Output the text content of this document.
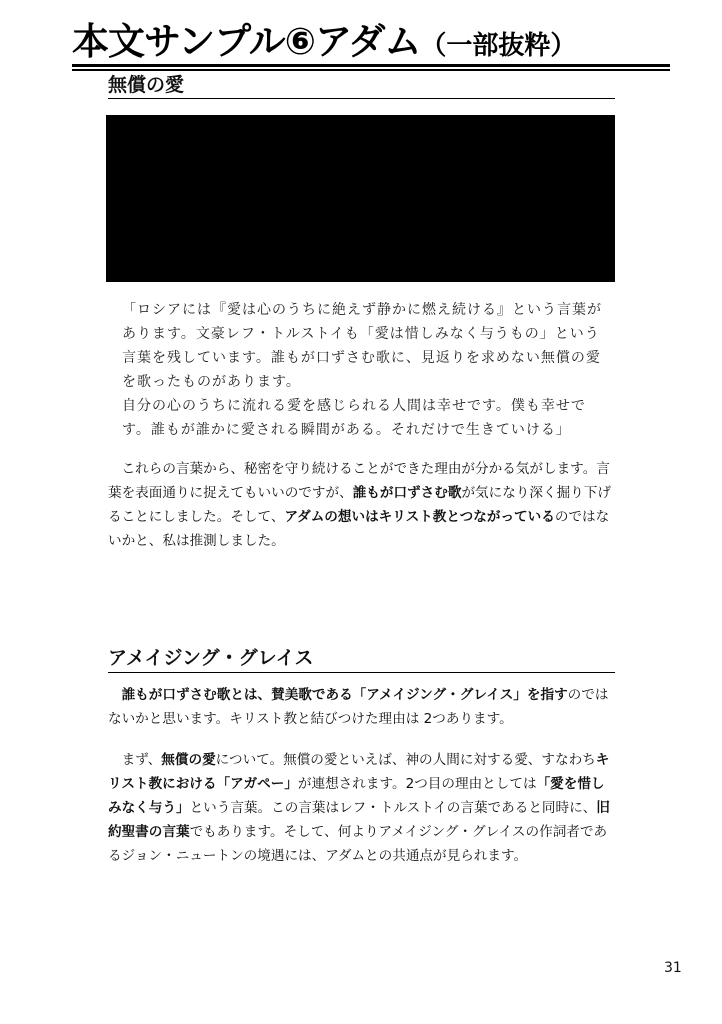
本文サンプル⑥アダム（一部抜粋）
無償の愛

「ロシアには『愛は心のうちに絶えず静かに燃え続ける』という言葉があります。文豪レフ・トルストイも「愛は惜しみなく与うもの」という言葉を残しています。誰もが口ずさむ歌に、見返りを求めない無償の愛を歌ったものがあります。
自分の心のうちに流れる愛を感じられる人間は幸せです。僕も幸せです。誰もが誰かに愛される瞬間がある。それだけで生きていける」

これらの言葉から、秘密を守り続けることができた理由が分かる気がします。言葉を表面通りに捉えてもいいのですが、誰もが口ずさむ歌が気になり深く掘り下げることにしました。そして、アダムの想いはキリスト教とつながっているのではないかと、私は推測しました。

アメイジング・グレイス

誰もが口ずさむ歌とは、賛美歌である「アメイジング・グレイス」を指すのではないかと思います。キリスト教と結びつけた理由は 2つあります。

まず、無償の愛について。無償の愛といえば、神の人間に対する愛、すなわちキリスト教における「アガペー」が連想されます。2つ目の理由としては「愛を惜しみなく与う」という言葉。この言葉はレフ・トルストイの言葉であると同時に、旧約聖書の言葉でもあります。そして、何よりアメイジング・グレイスの作詞者であるジョン・ニュートンの境遇には、アダムとの共通点が見られます。

31
